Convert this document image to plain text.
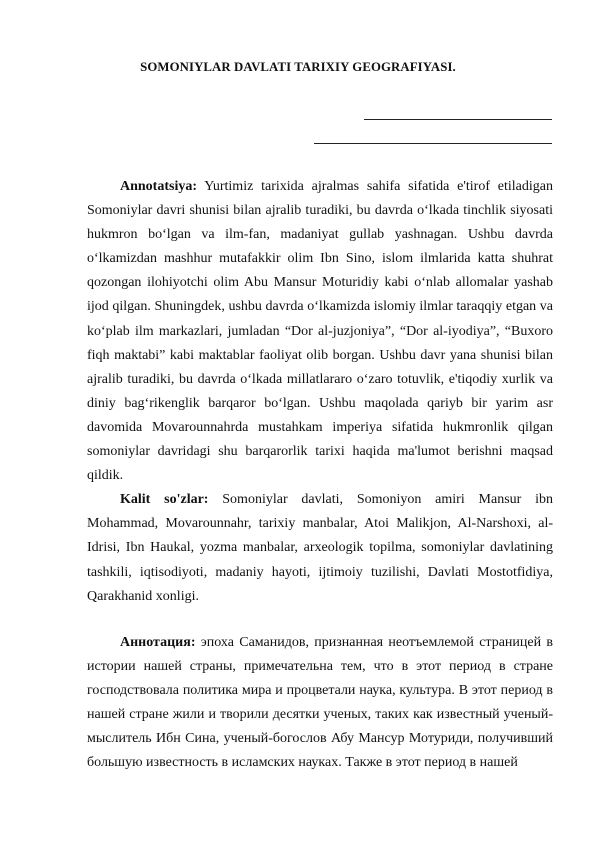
SOMONIYLAR DAVLATI TARIXIY GEOGRAFIYASI.

Annotatsiya: Yurtimiz tarixida ajralmas sahifa sifatida e'tirof etiladigan Somoniylar davri shunisi bilan ajralib turadiki, bu davrda o‘lkada tinchlik siyosati hukmron bo‘lgan va ilm-fan, madaniyat gullab yashnagan. Ushbu davrda o‘lkamizdan mashhur mutafakkir olim Ibn Sino, islom ilmlarida katta shuhrat qozongan ilohiyotchi olim Abu Mansur Moturidiy kabi o‘nlab allomalar yashab ijod qilgan. Shuningdek, ushbu davrda o‘lkamizda islomiy ilmlar taraqqiy etgan va ko‘plab ilm markazlari, jumladan “Dor al-juzjoniya”, “Dor al-iyodiya”, “Buxoro fiqh maktabi” kabi maktablar faoliyat olib borgan. Ushbu davr yana shunisi bilan ajralib turadiki, bu davrda o‘lkada millatlararo o‘zaro totuvlik, e'tiqodiy xurlik va diniy bag‘rikenglik barqaror bo‘lgan. Ushbu maqolada qariyb bir yarim asr davomida Movarounnahrda mustahkam imperiya sifatida hukmronlik qilgan somoniylar davridagi shu barqarorlik tarixi haqida ma'lumot berishni maqsad qildik.

Kalit so'zlar: Somoniylar davlati, Somoniyon amiri Mansur ibn Mohammad, Movarounnahr, tarixiy manbalar, Atoi Malikjon, Al-Narshoxi, al-Idrisi, Ibn Haukal, yozma manbalar, arxeologik topilma, somoniylar davlatining tashkili, iqtisodiyoti, madaniy hayoti, ijtimoiy tuzilishi, Davlati Mostotfidiya, Qarakhanid xonligi.

Аннотация: эпоха Саманидов, признанная неотъемлемой страницей в истории нашей страны, примечательна тем, что в этот период в стране господствовала политика мира и процветали наука, культура. В этот период в нашей стране жили и творили десятки ученых, таких как известный ученый-мыслитель Ибн Сина, ученый-богослов Абу Мансур Мотуриди, получивший большую известность в исламских науках. Также в этот период в нашей
